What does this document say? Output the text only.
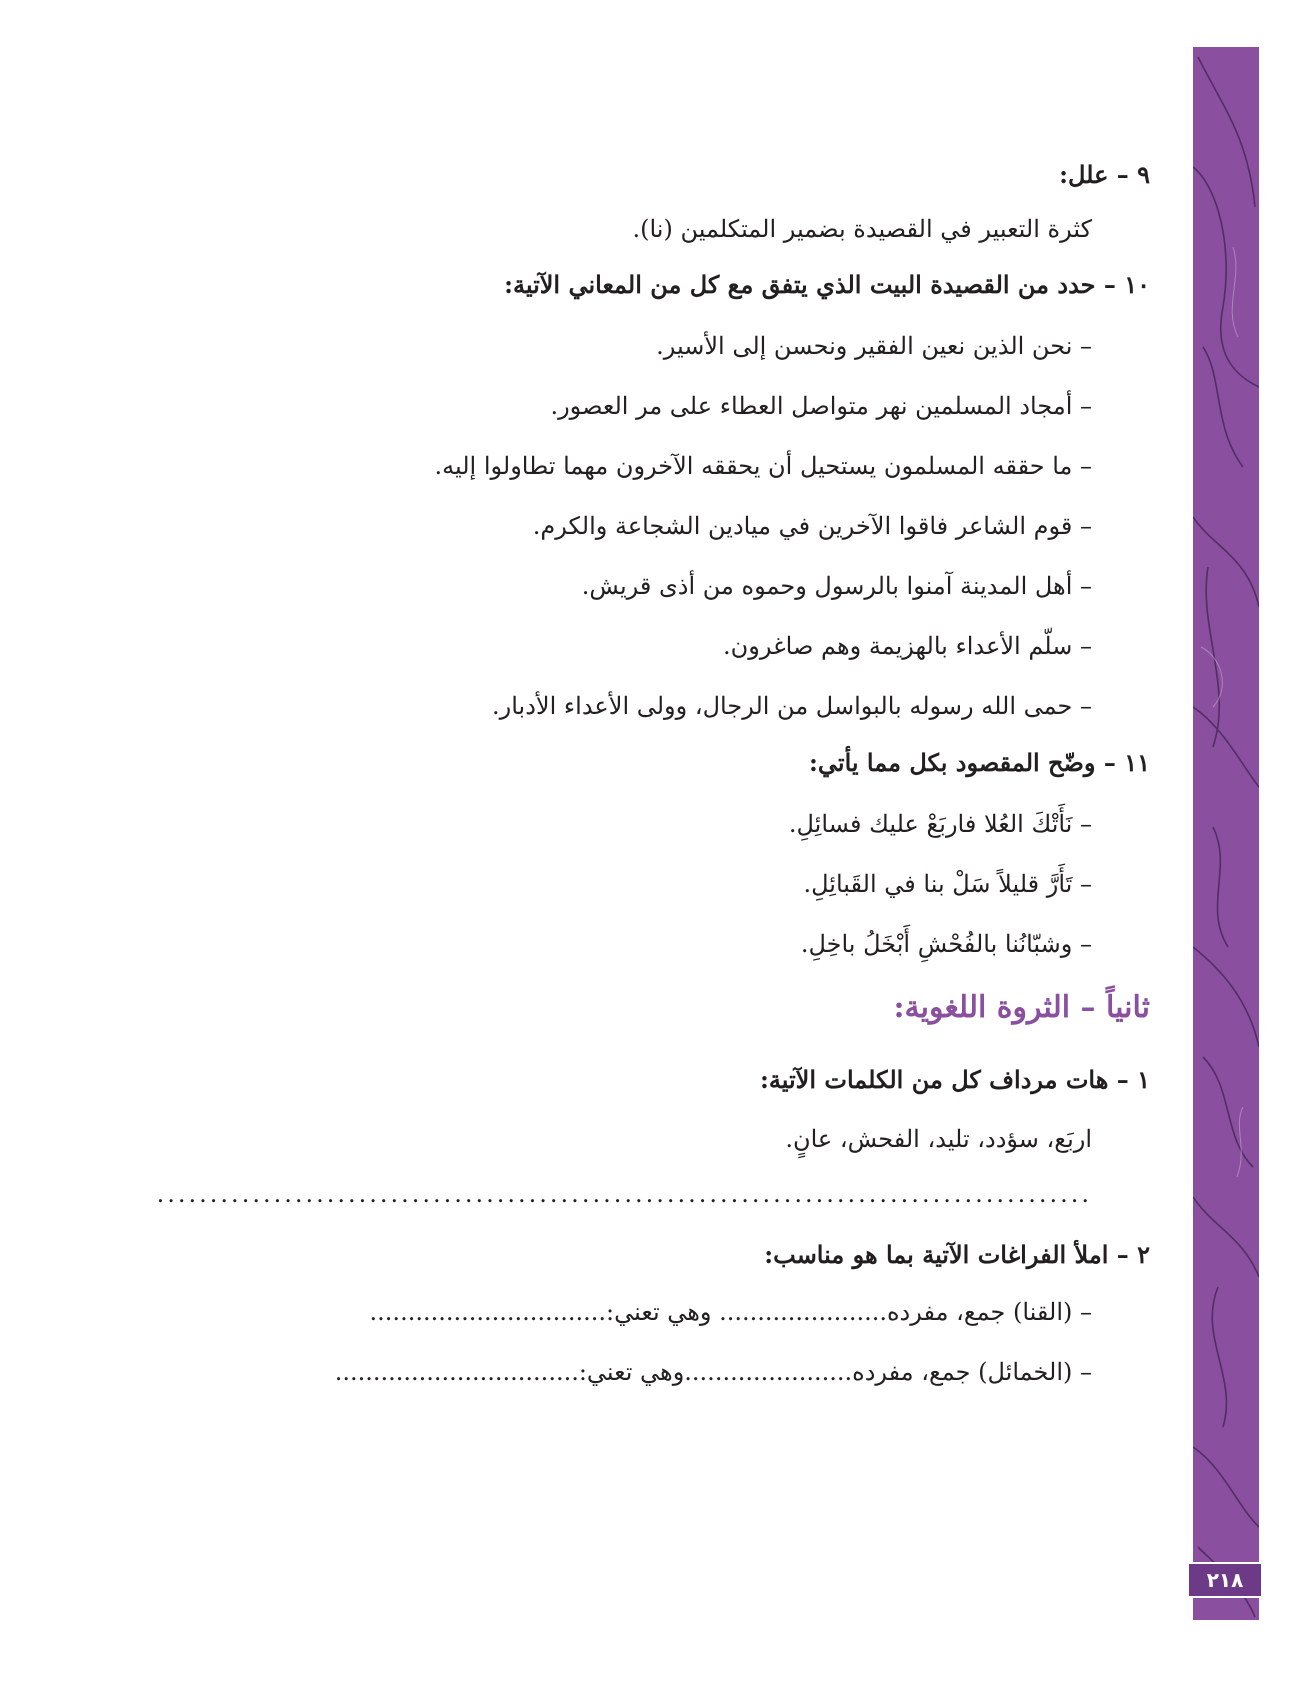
٢١٨
٩ – علل:
كثرة التعبير في القصيدة بضمير المتكلمين (نا).
١٠ – حدد من القصيدة البيت الذي يتفق مع كل من المعاني الآتية:
– نحن الذين نعين الفقير ونحسن إلى الأسير.
– أمجاد المسلمين نهر متواصل العطاء على مر العصور.
– ما حققه المسلمون يستحيل أن يحققه الآخرون مهما تطاولوا إليه.
– قوم الشاعر فاقوا الآخرين في ميادين الشجاعة والكرم.
– أهل المدينة آمنوا بالرسول وحموه من أذى قريش.
– سلّم الأعداء بالهزيمة وهم صاغرون.
– حمى الله رسوله بالبواسل من الرجال، وولى الأعداء الأدبار.
١١ – وضّح المقصود بكل مما يأتي:
– نَأَتْكَ العُلا فاربَعْ عليك فسائِلِ.
– تَأَرَّ قليلاً سَلْ بنا في القَبائِلِ.
– وشبّانُنا بالفُحْشِ أَبْخَلُ باخِلِ.
ثانياً – الثروة اللغوية:
١ – هات مرداف كل من الكلمات الآتية:
اربَع، سؤدد، تليد، الفحش، عانٍ.
........................................................................................
٢ – املأ الفراغات الآتية بما هو مناسب:
– (القنا) جمع، مفرده...................... وهي تعني:...............................
– (الخمائل) جمع، مفرده......................وهي تعني:................................
